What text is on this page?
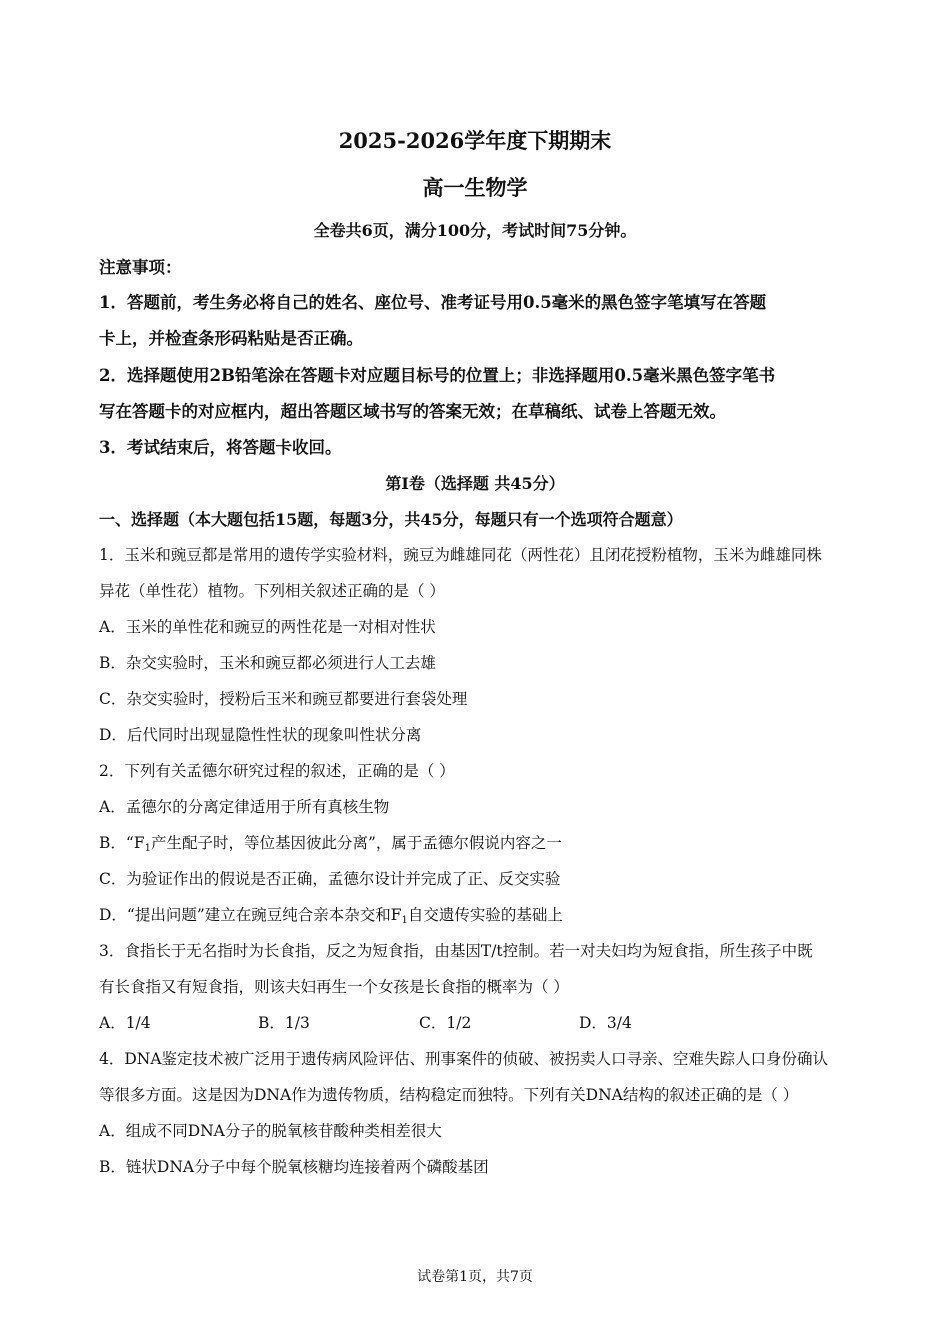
2025-2026学年度下期期末
高一生物学
全卷共6页，满分100分，考试时间75分钟。
注意事项：
1．答题前，考生务必将自己的姓名、座位号、准考证号用0.5毫米的黑色签字笔填写在答题
卡上，并检查条形码粘贴是否正确。
2．选择题使用2B铅笔涂在答题卡对应题目标号的位置上；非选择题用0.5毫米黑色签字笔书
写在答题卡的对应框内，超出答题区域书写的答案无效；在草稿纸、试卷上答题无效。
3．考试结束后，将答题卡收回。
第Ⅰ卷（选择题 共45分）
一、选择题（本大题包括15题，每题3分，共45分，每题只有一个选项符合题意）
1．玉米和豌豆都是常用的遗传学实验材料，豌豆为雌雄同花（两性花）且闭花授粉植物，玉米为雌雄同株
异花（单性花）植物。下列相关叙述正确的是（ ）
A．玉米的单性花和豌豆的两性花是一对相对性状
B．杂交实验时，玉米和豌豆都必须进行人工去雄
C．杂交实验时，授粉后玉米和豌豆都要进行套袋处理
D．后代同时出现显隐性性状的现象叫性状分离
2．下列有关孟德尔研究过程的叙述，正确的是（ ）
A．孟德尔的分离定律适用于所有真核生物
B．“$F_1$产生配子时，等位基因彼此分离”，属于孟德尔假说内容之一
C．为验证作出的假说是否正确，孟德尔设计并完成了正、反交实验
D．“提出问题”建立在豌豆纯合亲本杂交和$F_1$自交遗传实验的基础上
3．食指长于无名指时为长食指，反之为短食指，由基因T/t控制。若一对夫妇均为短食指，所生孩子中既
有长食指又有短食指，则该夫妇再生一个女孩是长食指的概率为（ ）
A．1/4	B．1/3	C．1/2	D．3/4
4．DNA鉴定技术被广泛用于遗传病风险评估、刑事案件的侦破、被拐卖人口寻亲、空难失踪人口身份确认
等很多方面。这是因为DNA作为遗传物质，结构稳定而独特。下列有关DNA结构的叙述正确的是（ ）
A．组成不同DNA分子的脱氧核苷酸种类相差很大
B．链状DNA分子中每个脱氧核糖均连接着两个磷酸基团
试卷第1页，共7页
